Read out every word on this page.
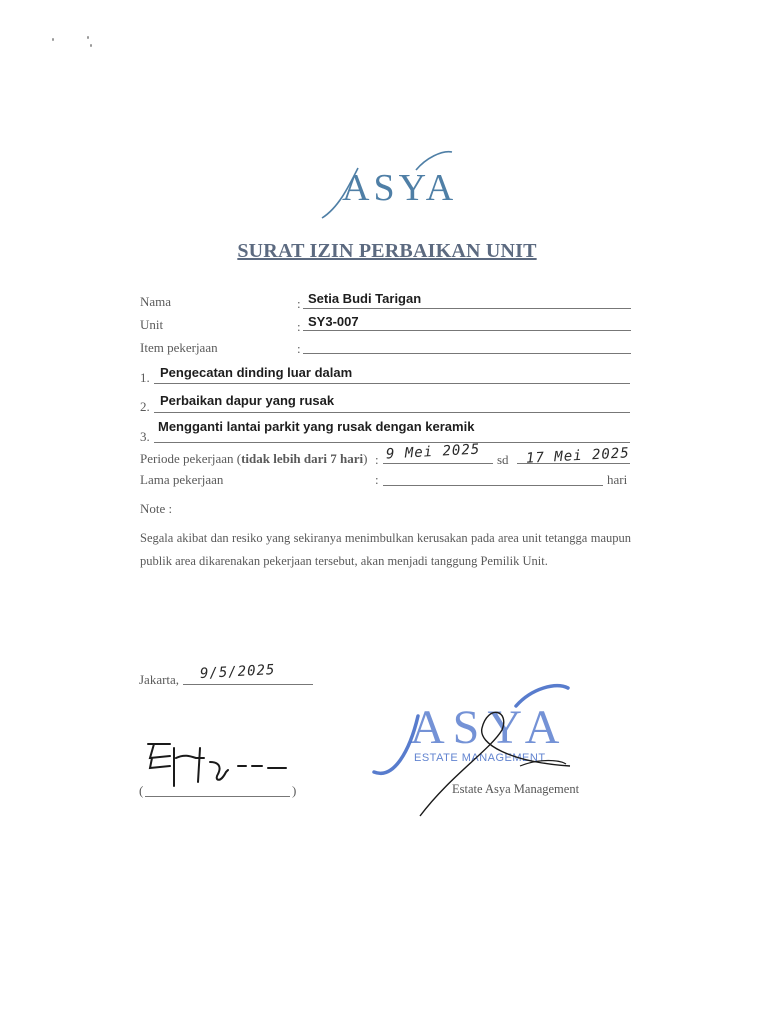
ASYA
SURAT IZIN PERBAIKAN UNIT
Nama	: Setia Budi Tarigan
Unit	: SY3-007
Item pekerjaan	:
1. Pengecatan dinding luar dalam
2. Perbaikan dapur yang rusak
3.
Mengganti lantai parkit yang rusak dengan keramik
Periode pekerjaan (tidak lebih dari 7 hari) : 9 Mei 2025 sd 17 Mei 2025
Lama pekerjaan	:	hari
Note :
Segala akibat dan resiko yang sekiranya menimbulkan kerusakan pada area unit tetangga maupun publik area dikarenakan pekerjaan tersebut, akan menjadi tanggung Pemilik Unit.
Jakarta, 9/5/2025
(	)
ASYA
ESTATE MANAGEMENT
Estate Asya Management
